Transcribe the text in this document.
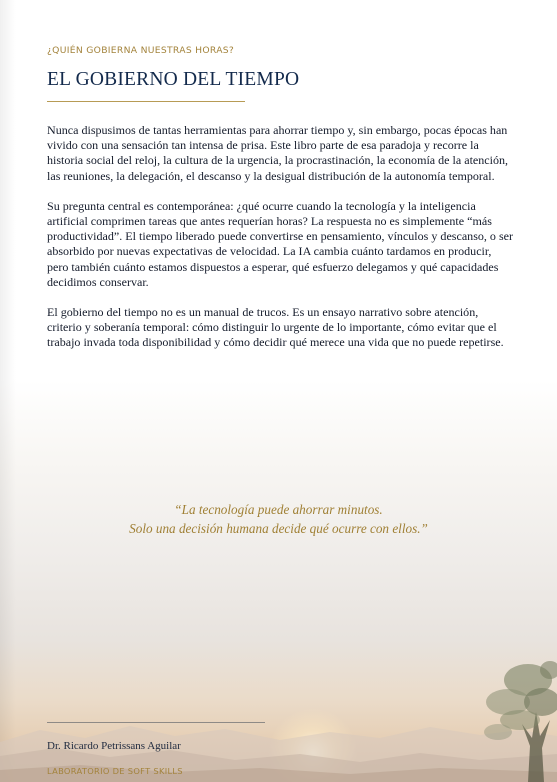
¿QUIÉN GOBIERNA NUESTRAS HORAS?
EL GOBIERNO DEL TIEMPO

Nunca dispusimos de tantas herramientas para ahorrar tiempo y, sin embargo, pocas épocas han vivido con una sensación tan intensa de prisa. Este libro parte de esa paradoja y recorre la historia social del reloj, la cultura de la urgencia, la procrastinación, la economía de la atención, las reuniones, la delegación, el descanso y la desigual distribución de la autonomía temporal.

Su pregunta central es contemporánea: ¿qué ocurre cuando la tecnología y la inteligencia artificial comprimen tareas que antes requerían horas? La respuesta no es simplemente “más productividad”. El tiempo liberado puede convertirse en pensamiento, vínculos y descanso, o ser absorbido por nuevas expectativas de velocidad. La IA cambia cuánto tardamos en producir, pero también cuánto estamos dispuestos a esperar, qué esfuerzo delegamos y qué capacidades decidimos conservar.

El gobierno del tiempo no es un manual de trucos. Es un ensayo narrativo sobre atención, criterio y soberanía temporal: cómo distinguir lo urgente de lo importante, cómo evitar que el trabajo invada toda disponibilidad y cómo decidir qué merece una vida que no puede repetirse.

“La tecnología puede ahorrar minutos.
Solo una decisión humana decide qué ocurre con ellos.”
Dr. Ricardo Petrissans Aguilar
LABORATORIO DE SOFT SKILLS
